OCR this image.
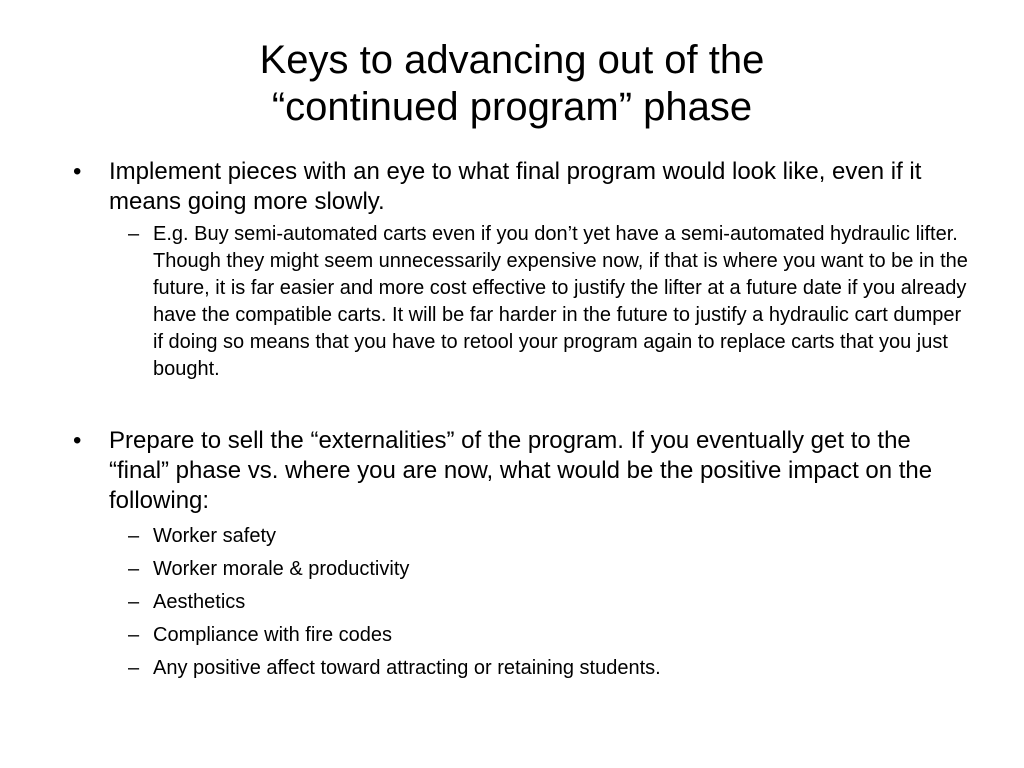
Keys to advancing out of the
“continued program” phase
•	Implement pieces with an eye to what final program would look like, even if it means going more slowly.
– E.g. Buy semi-automated carts even if you don’t yet have a semi-automated hydraulic lifter. Though they might seem unnecessarily expensive now, if that is where you want to be in the future, it is far easier and more cost effective to justify the lifter at a future date if you already have the compatible carts. It will be far harder in the future to justify a hydraulic cart dumper if doing so means that you have to retool your program again to replace carts that you just bought.
•	Prepare to sell the “externalities” of the program. If you eventually get to the “final” phase vs. where you are now, what would be the positive impact on the following:
– Worker safety
– Worker morale & productivity
– Aesthetics
– Compliance with fire codes
– Any positive affect toward attracting or retaining students.
